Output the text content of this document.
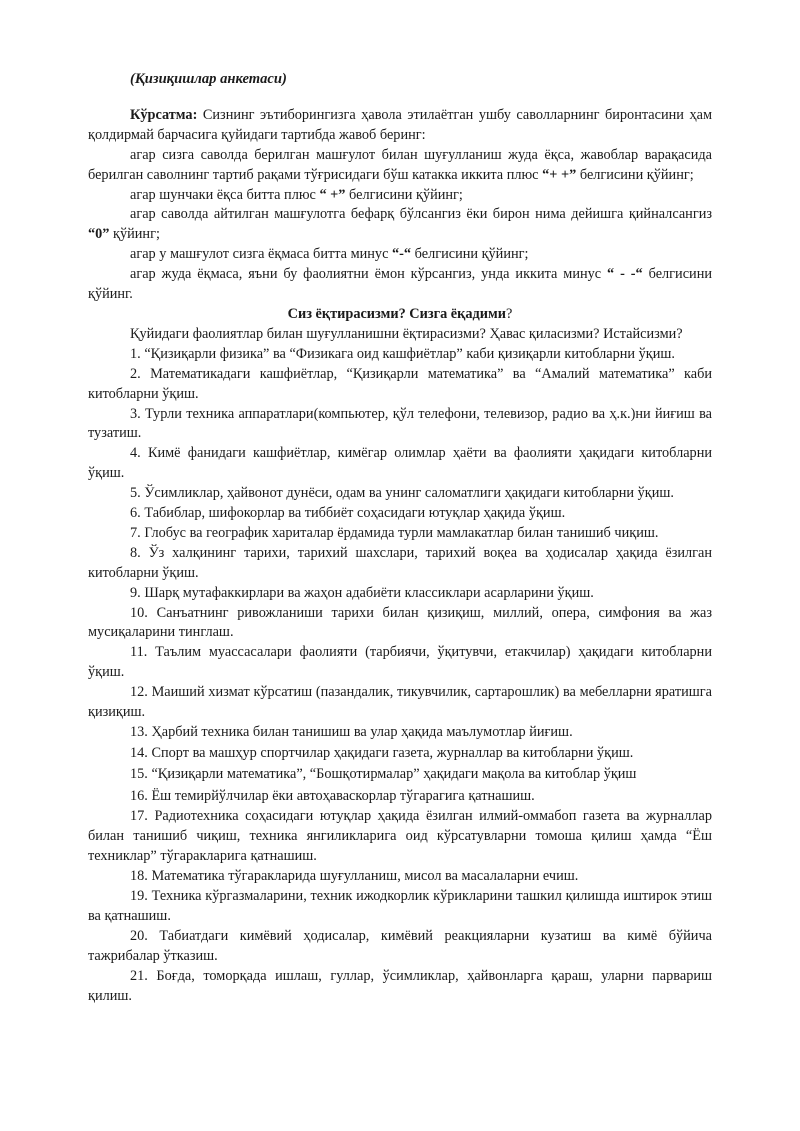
(Қизиқишлар анкетаси)

Кўрсатма: Сизнинг эътиборингизга ҳавола этилаётган ушбу саволларнинг биронтасини ҳам қолдирмай барчасига қуйидаги тартибда жавоб беринг:

агар сизга саволда берилган машғулот билан шуғулланиш жуда ёқса, жавоблар варақасида берилган саволнинг тартиб рақами тўғрисидаги бўш катакка иккита плюс “+ +” белгисини қўйинг;

агар шунчаки ёқса битта плюс “ +” белгисини қўйинг;

агар саволда айтилган машғулотга бефарқ бўлсангиз ёки бирон нима дейишга қийналсангиз “0” қўйинг;

агар у машғулот сизга ёқмаса битта минус “-“ белгисини қўйинг;

агар жуда ёқмаса, яъни бу фаолиятни ёмон кўрсангиз, унда иккита минус “ - -“ белгисини қўйинг.

Сиз ёқтирасизми? Сизга ёқадими?

Қуйидаги фаолиятлар билан шуғулланишни ёқтирасизми? Ҳавас қиласизми? Истайсизми?

1. “Қизиқарли физика” ва “Физикага оид кашфиётлар” каби қизиқарли китобларни ўқиш.

2. Математикадаги кашфиётлар, “Қизиқарли математика” ва “Амалий математика” каби китобларни ўқиш.

3. Турли техника аппаратлари(компьютер, қўл телефони, телевизор, радио ва ҳ.к.)ни йиғиш ва тузатиш.

4. Кимё фанидаги кашфиётлар, кимёгар олимлар ҳаёти ва фаолияти ҳақидаги китобларни ўқиш.

5. Ўсимликлар, ҳайвонот дунёси, одам ва унинг саломатлиги ҳақидаги китобларни ўқиш.

6. Табиблар, шифокорлар ва тиббиёт соҳасидаги ютуқлар ҳақида ўқиш.

7. Глобус ва географик хариталар ёрдамида турли мамлакатлар билан танишиб чиқиш.

8. Ўз халқининг тарихи, тарихий шахслари, тарихий воқеа ва ҳодисалар ҳақида ёзилган китобларни ўқиш.

9. Шарқ мутафаккирлари ва жаҳон адабиёти классиклари асарларини ўқиш.

10. Санъатнинг ривожланиши тарихи билан қизиқиш, миллий, опера, симфония ва жаз мусиқаларини тинглаш.

11. Таълим муассасалари фаолияти (тарбиячи, ўқитувчи, етакчилар) ҳақидаги китобларни ўқиш.

12. Маиший хизмат кўрсатиш (пазандалик, тикувчилик, сартарошлик) ва мебелларни яратишга қизиқиш.

13. Ҳарбий техника билан танишиш ва улар ҳақида маълумотлар йиғиш.

14. Спорт ва машҳур спортчилар ҳақидаги газета, журналлар ва китобларни ўқиш.

15. “Қизиқарли математика”, “Бошқотирмалар” ҳақидаги мақола ва китоблар ўқиш

16. Ёш темирйўлчилар ёки автоҳаваскорлар тўгарагига қатнашиш.

17. Радиотехника соҳасидаги ютуқлар ҳақида ёзилган илмий-оммабоп газета ва журналлар билан танишиб чиқиш, техника янгиликларига оид кўрсатувларни томоша қилиш ҳамда “Ёш техниклар” тўгаракларига қатнашиш.

18. Математика тўгаракларида шуғулланиш, мисол ва масалаларни ечиш.

19. Техника кўргазмаларини, техник ижодкорлик кўрикларини ташкил қилишда иштирок этиш ва қатнашиш.

20. Табиатдаги кимёвий ҳодисалар, кимёвий реакцияларни кузатиш ва кимё бўйича тажрибалар ўтказиш.

21. Боғда, томорқада ишлаш, гуллар, ўсимликлар, ҳайвонларга қараш, уларни парвариш қилиш.
